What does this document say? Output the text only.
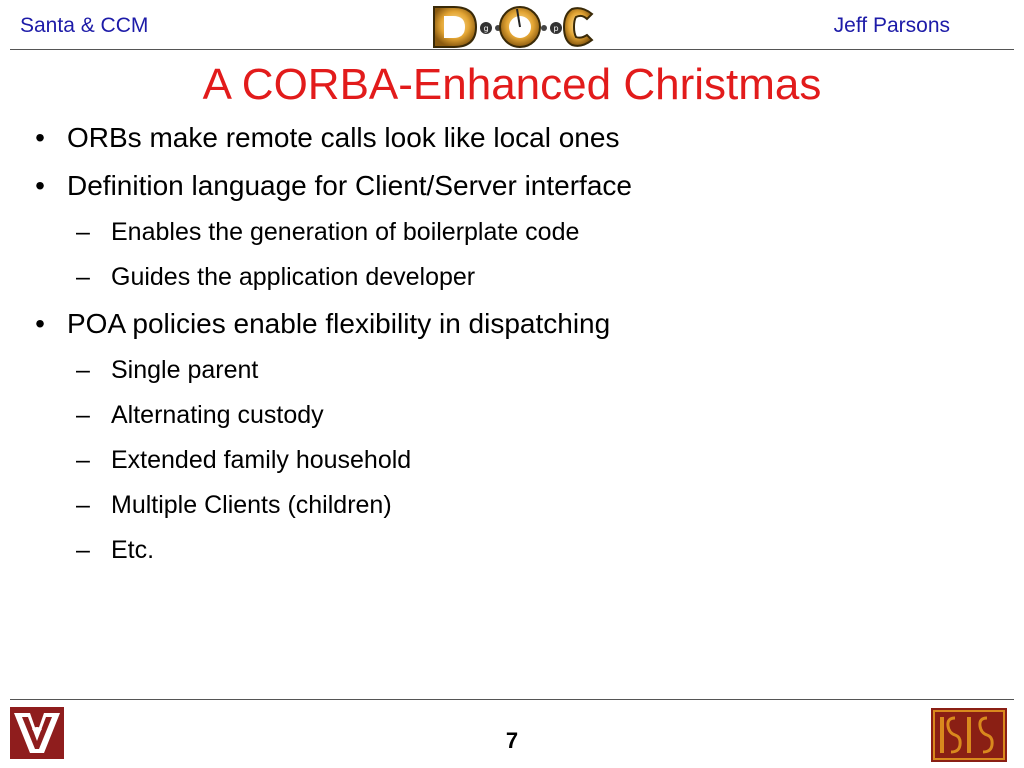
Santa & CCM	g	p	Jeff Parsons
A CORBA-Enhanced Christmas
• ORBs make remote calls look like local ones
• Definition language for Client/Server interface
– Enables the generation of boilerplate code
– Guides the application developer
• POA policies enable flexibility in dispatching
– Single parent
– Alternating custody
– Extended family household
– Multiple Clients (children)
– Etc.
7
